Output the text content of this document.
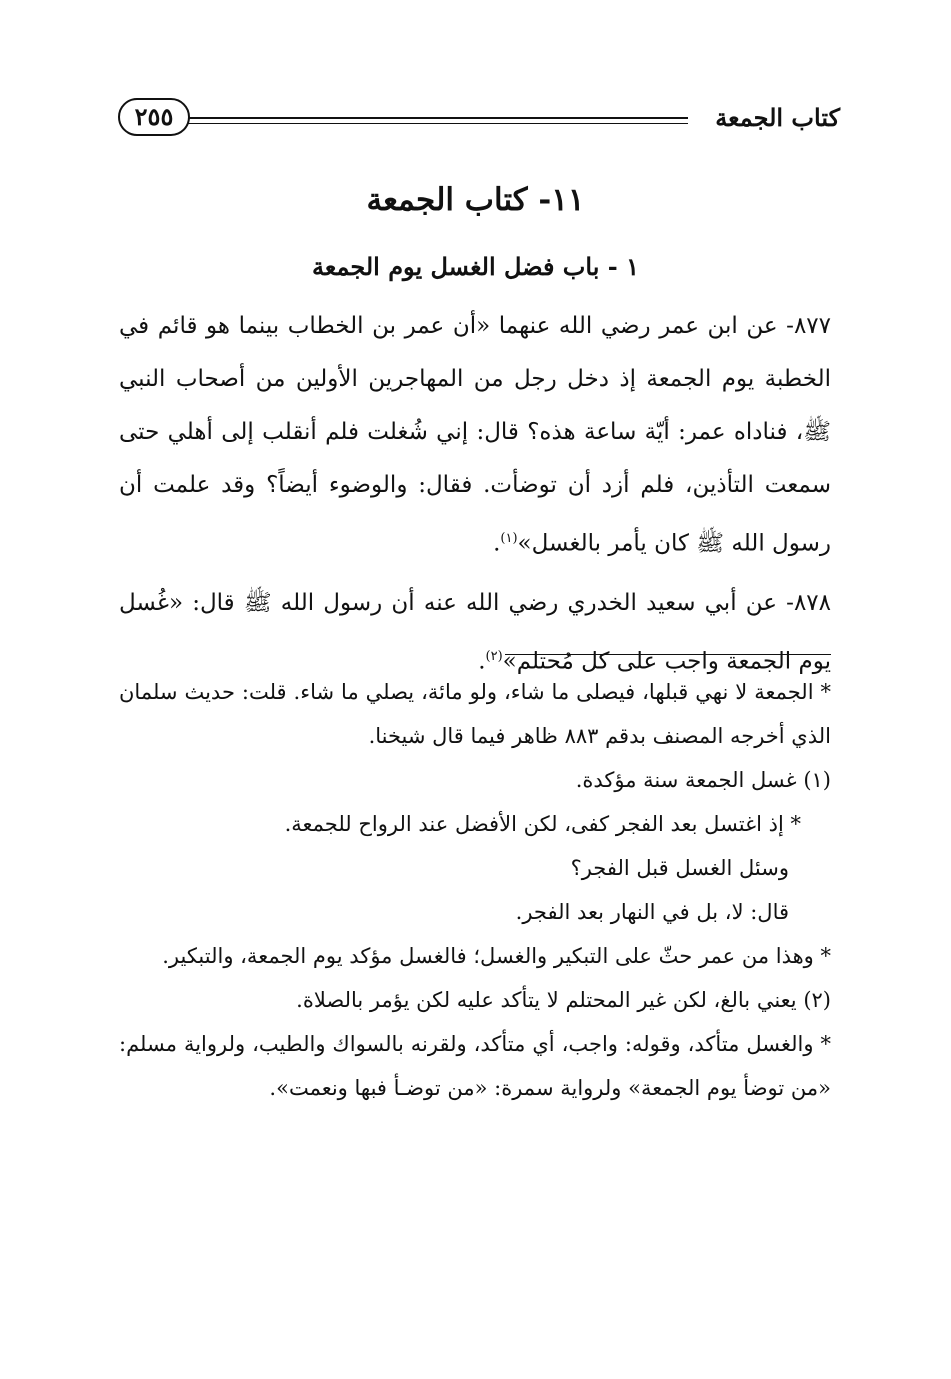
كتاب الجمعة
٢٥٥
١١- كتاب الجمعة
١ - باب فضل الغسل يوم الجمعة

٨٧٧- عن ابن عمر رضي الله عنهما «أن عمر بن الخطاب بينما هو قائم في الخطبة يوم الجمعة إذ دخل رجل من المهاجرين الأولين من أصحاب النبي ﷺ، فناداه عمر: أيّة ساعة هذه؟ قال: إني شُغلت فلم أنقلب إلى أهلي حتى سمعت التأذين، فلم أزد أن توضأت. فقال: والوضوء أيضاً؟ وقد علمت أن رسول الله ﷺ كان يأمر بالغسل»$^{(١)}$.

٨٧٨- عن أبي سعيد الخدري رضي الله عنه أن رسول الله ﷺ قال: «غُسل يوم الجمعة واجب على كل مُحتلم»$^{(٢)}$.

* الجمعة لا نهي قبلها، فيصلى ما شاء، ولو مائة، يصلي ما شاء. قلت: حديث سلمان الذي أخرجه المصنف بدقم ٨٨٣ ظاهر فيما قال شيخنا.

(١) غسل الجمعة سنة مؤكدة.

* إذ اغتسل بعد الفجر كفى، لكن الأفضل عند الرواح للجمعة.

وسئل الغسل قبل الفجر؟

قال: لا، بل في النهار بعد الفجر.

* وهذا من عمر حثّ على التبكير والغسل؛ فالغسل مؤكد يوم الجمعة، والتبكير.

(٢) يعني بالغ، لكن غير المحتلم لا يتأكد عليه لكن يؤمر بالصلاة.

* والغسل متأكد، وقوله: واجب، أي متأكد، ولقرنه بالسواك والطيب، ولرواية مسلم: «من توضأ يوم الجمعة» ولرواية سمرة: «من توضـأ فبها ونعمت».
